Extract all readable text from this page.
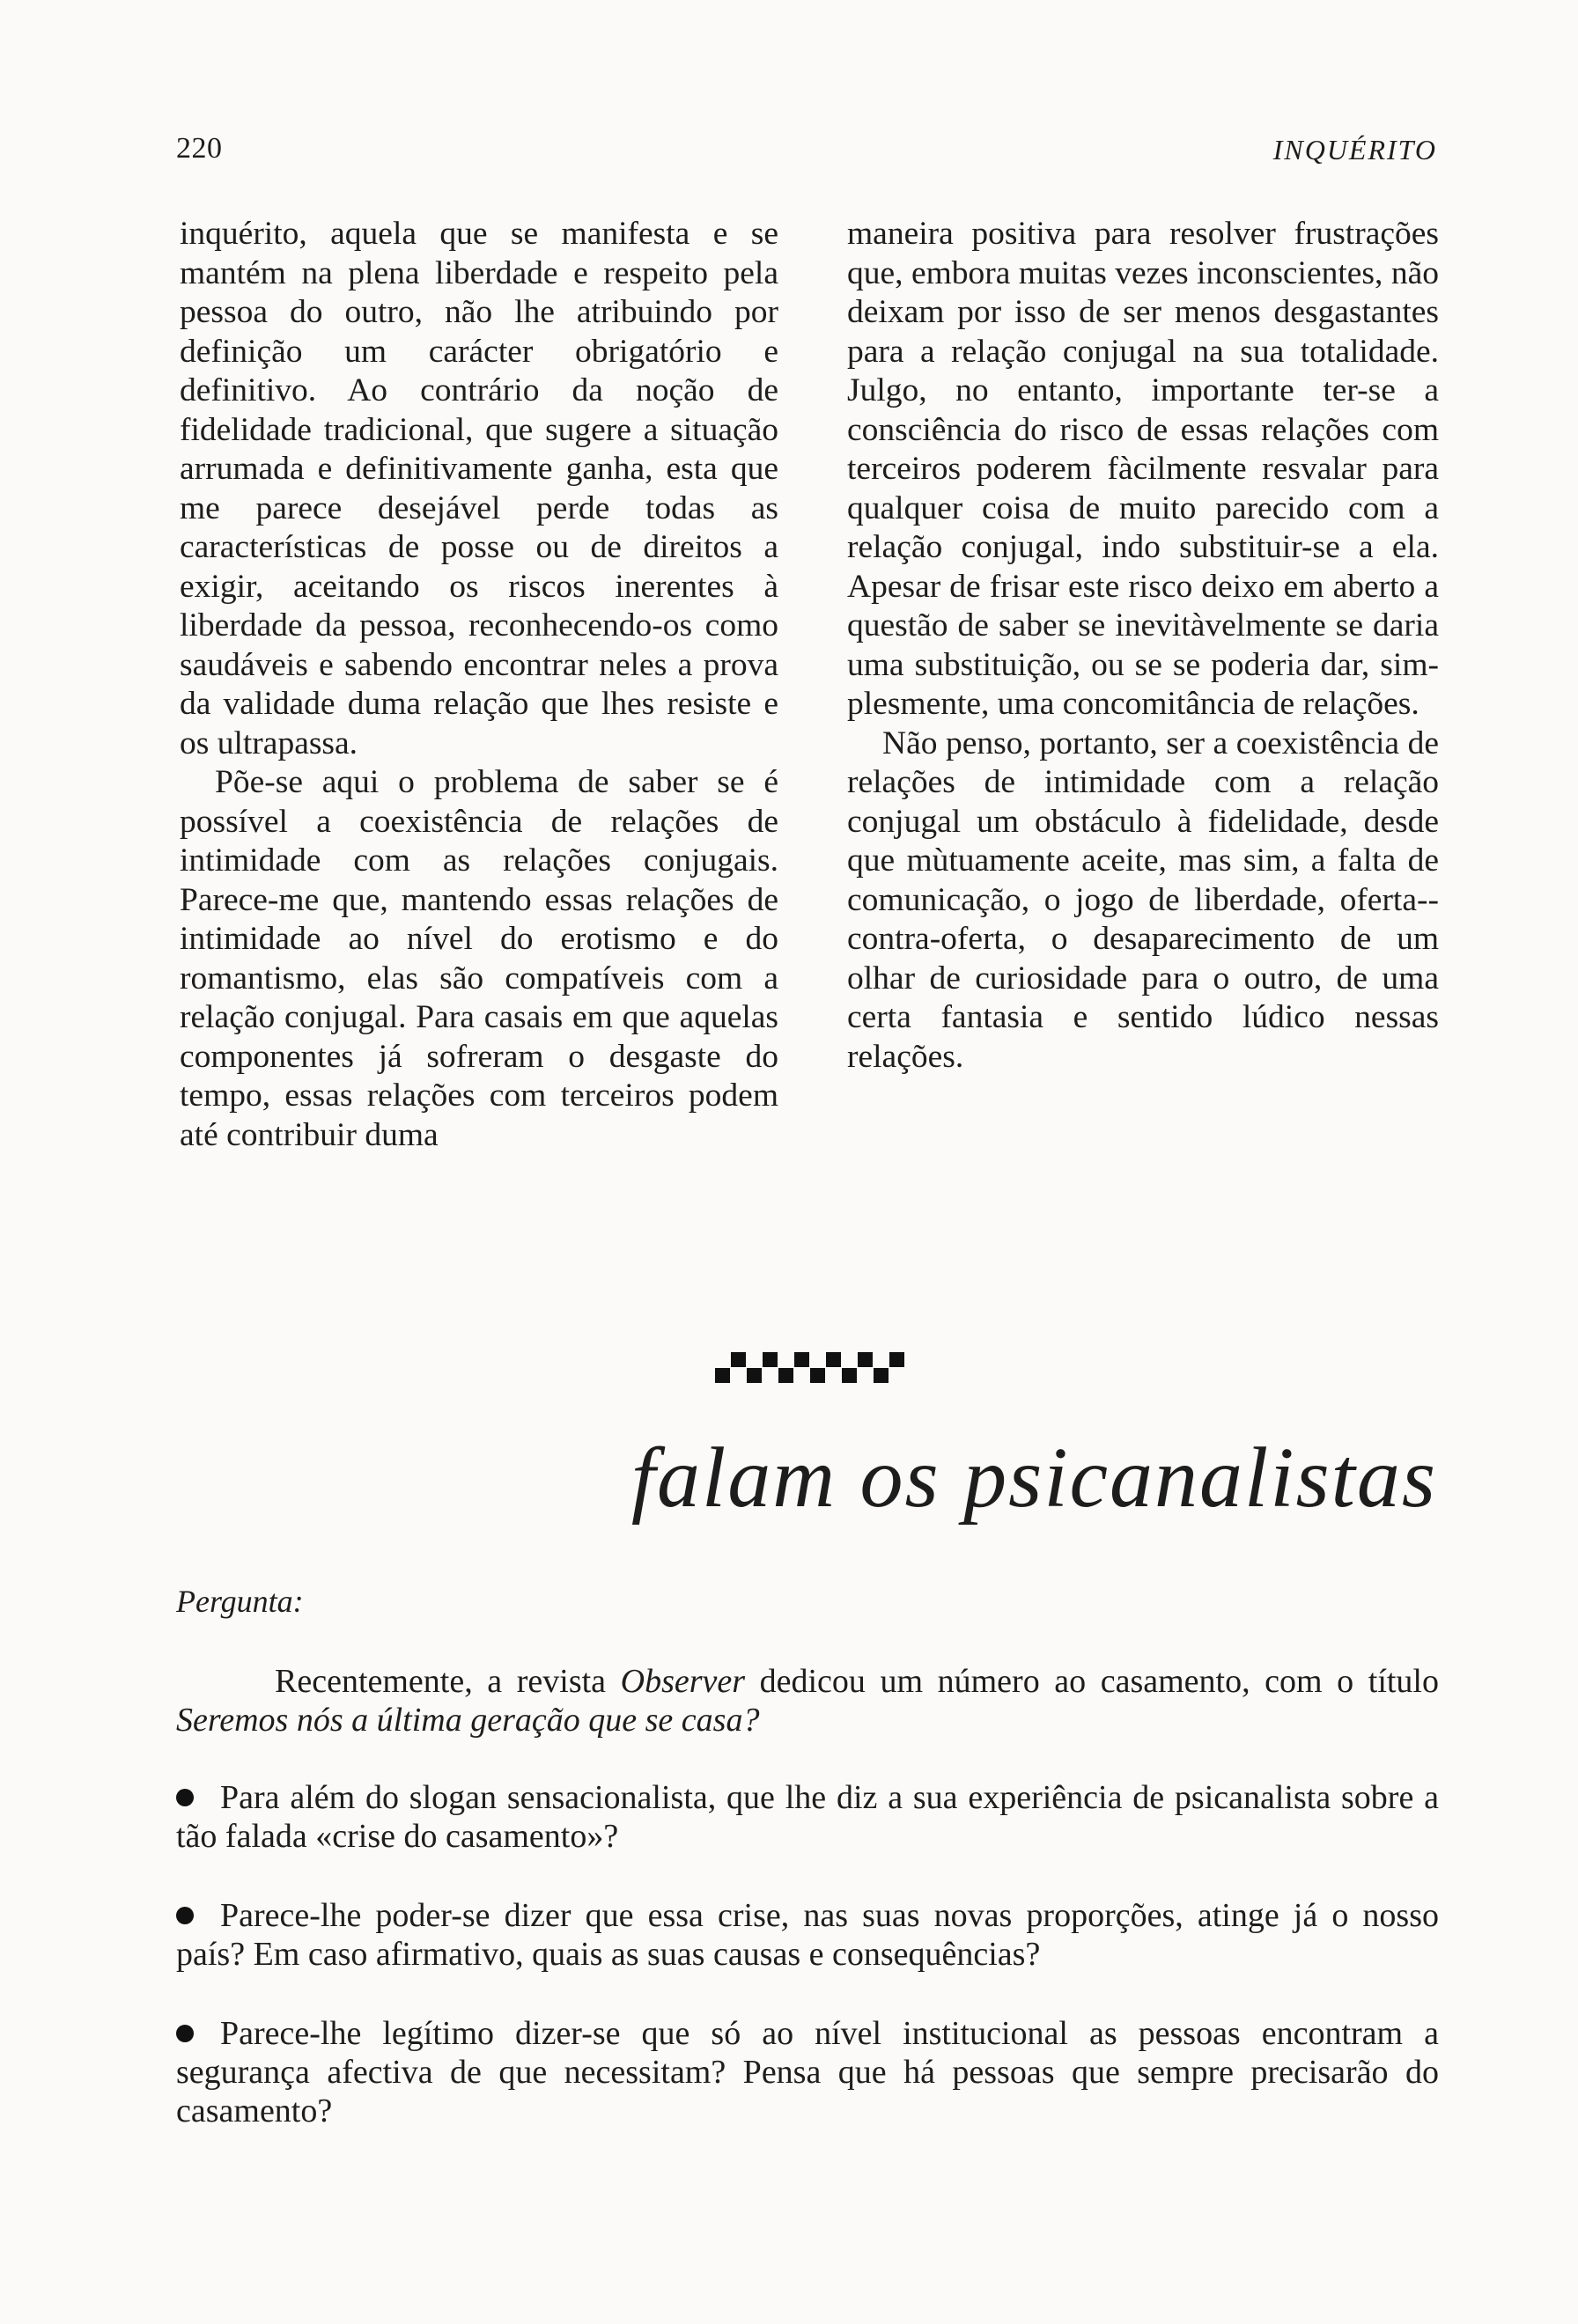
220	INQUÉRITO

inquérito, aquela que se manifesta e se mantém na plena liberdade e respeito pela pessoa do outro, não lhe atribuindo por definição um carácter obrigatório e definitivo. Ao contrário da noção de fidelidade tradicional, que sugere a situação arrumada e definitivamente ganha, esta que me parece desejável perde todas as características de posse ou de direitos a exigir, aceitando os riscos inerentes à liberdade da pessoa, reconhecendo-os como saudáveis e sabendo encontrar neles a prova da validade duma relação que lhes resiste e os ultrapassa.

Põe-se aqui o problema de saber se é possível a coexistência de relações de intimidade com as relações conjugais. Parece-me que, mantendo essas relações de intimidade ao nível do erotismo e do romantismo, elas são compatíveis com a relação conjugal. Para casais em que aquelas componentes já sofreram o desgaste do tempo, essas relações com terceiros podem até contribuir duma

maneira positiva para resolver frustrações que, embora muitas vezes inconscientes, não deixam por isso de ser menos desgastantes para a relação conjugal na sua totalidade. Julgo, no entanto, importante ter-se a consciência do risco de essas relações com terceiros poderem fàcilmente resvalar para qualquer coisa de muito parecido com a relação conjugal, indo substituir-se a ela. Apesar de frisar este risco deixo em aberto a questão de saber se inevitàvelmente se daria uma substituição, ou se se poderia dar, simplesmente, uma concomitância de relações.

Não penso, portanto, ser a coexistência de relações de intimidade com a relação conjugal um obstáculo à fidelidade, desde que mùtuamente aceite, mas sim, a falta de comunicação, o jogo de liberdade, oferta-contra-oferta, o desaparecimento de um olhar de curiosidade para o outro, de uma certa fantasia e sentido lúdico nessas relações.

falam os psicanalistas
Pergunta:

Recentemente, a revista Observer dedicou um número ao casamento, com o título Seremos nós a última geração que se casa?

Para além do slogan sensacionalista, que lhe diz a sua experiência de psicanalista sobre a tão falada «crise do casamento»?

Parece-lhe poder-se dizer que essa crise, nas suas novas proporções, atinge já o nosso país? Em caso afirmativo, quais as suas causas e consequências?

Parece-lhe legítimo dizer-se que só ao nível institucional as pessoas encontram a segurança afectiva de que necessitam? Pensa que há pessoas que sempre precisarão do casamento?
